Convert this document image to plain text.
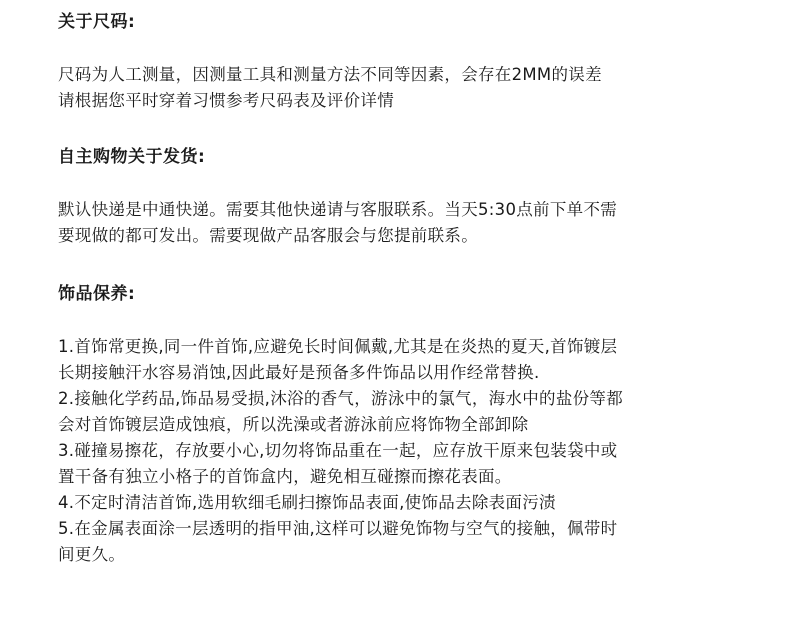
关于尺码:

尺码为人工测量，因测量工具和测量方法不同等因素，会存在2MM的误差
请根据您平时穿着习惯参考尺码表及评价详情

自主购物关于发货:

默认快递是中通快递。需要其他快递请与客服联系。当天5:30点前下单不需
要现做的都可发出。需要现做产品客服会与您提前联系。

饰品保养:

1.首饰常更换,同一件首饰,应避免长时间佩戴,尤其是在炎热的夏天,首饰镀层
长期接触汗水容易消蚀,因此最好是预备多件饰品以用作经常替换.
2.接触化学药品,饰品易受损,沐浴的香气，游泳中的氯气，海水中的盐份等都
会对首饰镀层造成蚀痕，所以洗澡或者游泳前应将饰物全部卸除
3.碰撞易擦花，存放要小心,切勿将饰品重在一起，应存放干原来包装袋中或
置干备有独立小格子的首饰盒内，避免相互碰擦而擦花表面。
4.不定时清洁首饰,选用软细毛刷扫擦饰品表面,使饰品去除表面污渍
5.在金属表面涂一层透明的指甲油,这样可以避免饰物与空气的接触，佩带时
间更久。
